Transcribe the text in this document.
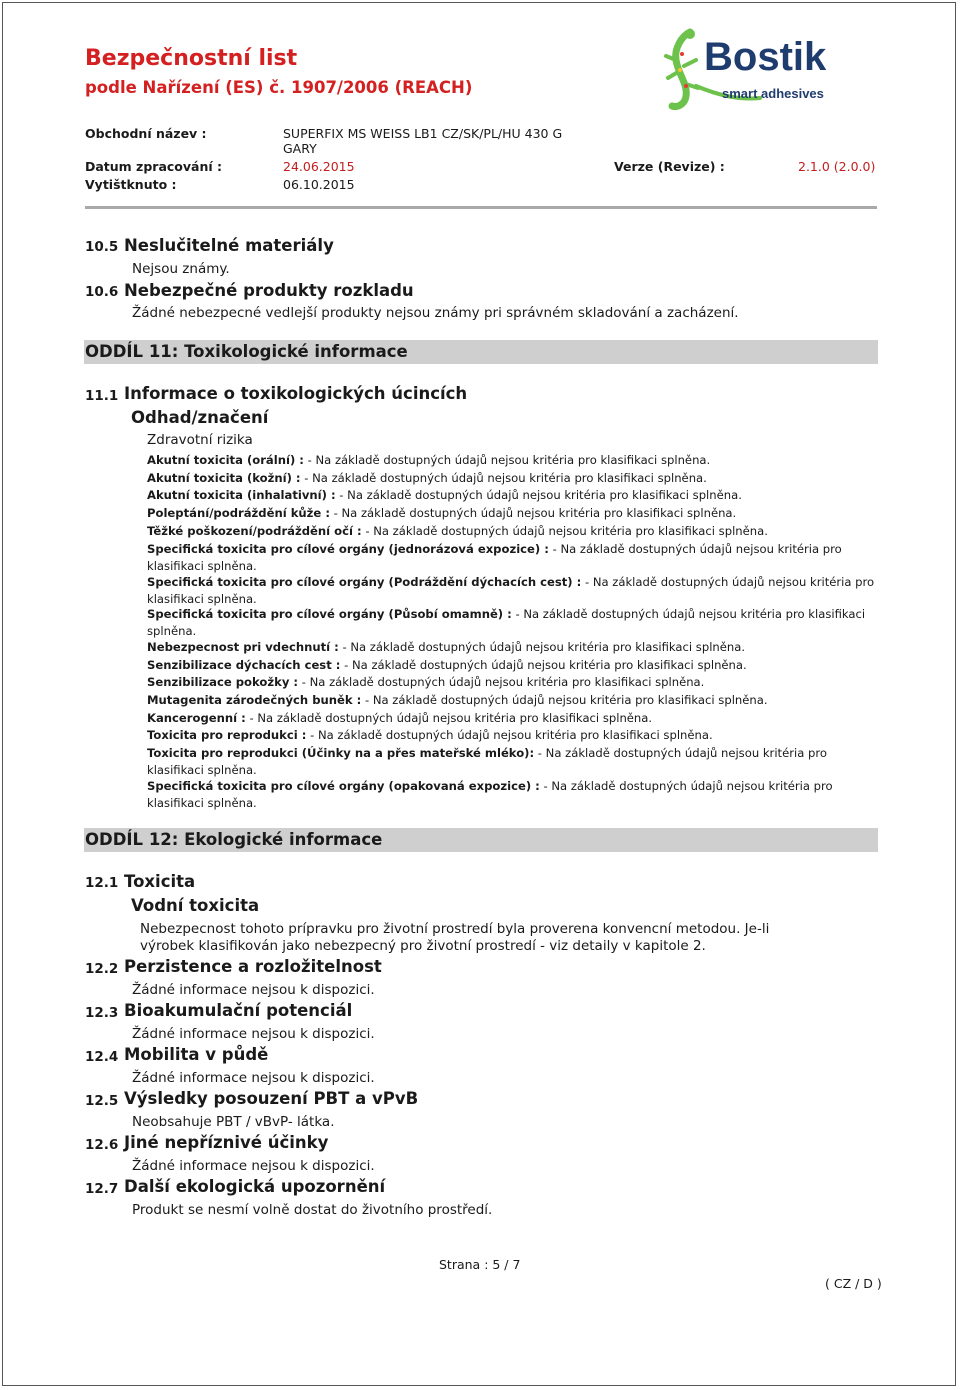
Bezpečnostní list
podle Nařízení (ES) č. 1907/2006 (REACH)
Bostik
smart adhesives
Obchodní název :	SUPERFIX MS WEISS LB1 CZ/SK/PL/HU 430 G
GARY
Datum zpracování :	24.06.2015	Verze (Revize) :	2.1.0 (2.0.0)
Vytištknuto :	06.10.2015
10.5 Neslučitelné materiály
Nejsou známy.
10.6 Nebezpečné produkty rozkladu
Žádné nebezpecné vedlejší produkty nejsou známy pri správném skladování a zacházení.
ODDÍL 11: Toxikologické informace
11.1 Informace o toxikologických úcincích
Odhad/značení
Zdravotní rizika
Akutní toxicita (orální) : - Na základě dostupných údajů nejsou kritéria pro klasifikaci splněna.
Akutní toxicita (kožní) : - Na základě dostupných údajů nejsou kritéria pro klasifikaci splněna.
Akutní toxicita (inhalativní) : - Na základě dostupných údajů nejsou kritéria pro klasifikaci splněna.
Poleptání/podráždění kůže : - Na základě dostupných údajů nejsou kritéria pro klasifikaci splněna.
Těžké poškození/podráždění očí : - Na základě dostupných údajů nejsou kritéria pro klasifikaci splněna.
Specifická toxicita pro cílové orgány (jednorázová expozice) : - Na základě dostupných údajů nejsou kritéria pro klasifikaci splněna.
Specifická toxicita pro cílové orgány (Podráždění dýchacích cest) : - Na základě dostupných údajů nejsou kritéria pro klasifikaci splněna.
Specifická toxicita pro cílové orgány (Působí omamně) : - Na základě dostupných údajů nejsou kritéria pro klasifikaci splněna.
Nebezpecnost pri vdechnutí : - Na základě dostupných údajů nejsou kritéria pro klasifikaci splněna.
Senzibilizace dýchacích cest : - Na základě dostupných údajů nejsou kritéria pro klasifikaci splněna.
Senzibilizace pokožky : - Na základě dostupných údajů nejsou kritéria pro klasifikaci splněna.
Mutagenita zárodečných buněk : - Na základě dostupných údajů nejsou kritéria pro klasifikaci splněna.
Kancerogenní : - Na základě dostupných údajů nejsou kritéria pro klasifikaci splněna.
Toxicita pro reprodukci : - Na základě dostupných údajů nejsou kritéria pro klasifikaci splněna.
Toxicita pro reprodukci (Účinky na a přes mateřské mléko): - Na základě dostupných údajů nejsou kritéria pro klasifikaci splněna.
Specifická toxicita pro cílové orgány (opakovaná expozice) : - Na základě dostupných údajů nejsou kritéria pro klasifikaci splněna.
ODDÍL 12: Ekologické informace
12.1 Toxicita
Vodní toxicita
Nebezpecnost tohoto prípravku pro životní prostredí byla proverena konvencní metodou. Je-li
výrobek klasifikován jako nebezpecný pro životní prostredí - viz detaily v kapitole 2.
12.2 Perzistence a rozložitelnost
Žádné informace nejsou k dispozici.
12.3 Bioakumulační potenciál
Žádné informace nejsou k dispozici.
12.4 Mobilita v půdě
Žádné informace nejsou k dispozici.
12.5 Výsledky posouzení PBT a vPvB
Neobsahuje PBT / vBvP- látka.
12.6 Jiné nepříznivé účinky
Žádné informace nejsou k dispozici.
12.7 Další ekologická upozornění
Produkt se nesmí volně dostat do životního prostředí.
Strana : 5 / 7
( CZ / D )
